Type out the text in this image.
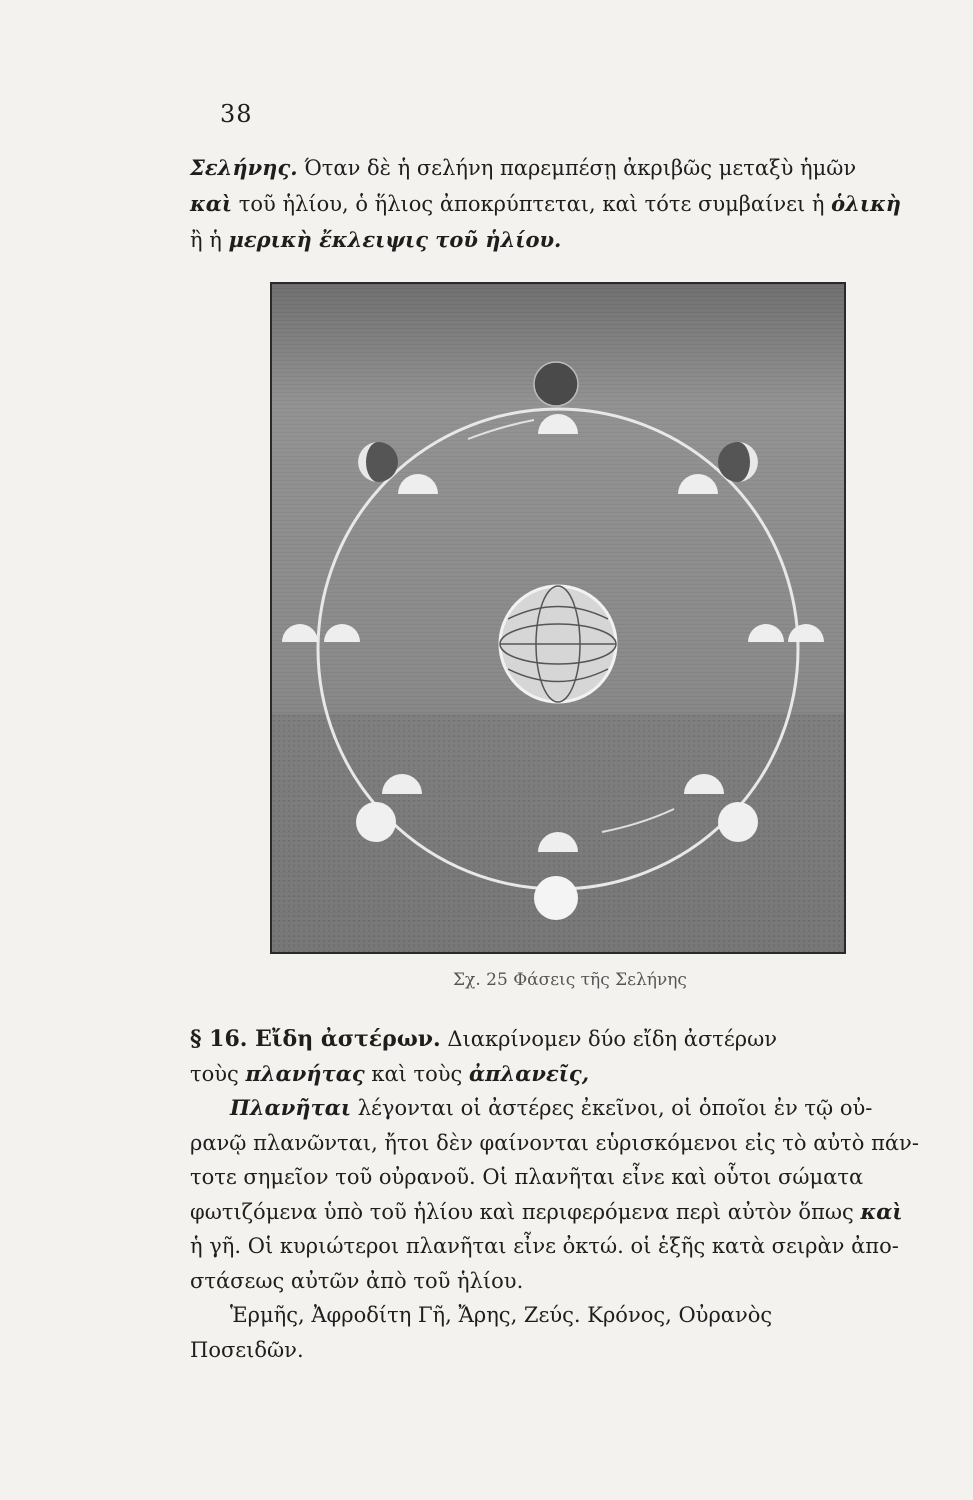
38
Σελήνης. Όταν δὲ ἡ σελήνη παρεμπέσῃ ἀκριβῶς μεταξὺ ἡμῶν
καὶ τοῦ ἡλίου, ὁ ἥλιος ἀποκρύπτεται, καὶ τότε συμβαίνει ἡ ὁλικὴ
ἢ ἡ μερικὴ ἔκλειψις τοῦ ἡλίου.
Σχ. 25 Φάσεις τῆς Σελήνης
§ 16. Εἴδη ἀστέρων. Διακρίνομεν δύο εἴδη ἀστέρων
τοὺς πλανήτας καὶ τοὺς ἀπλανεῖς,
Πλανῆται λέγονται οἱ ἀστέρες ἐκεῖνοι, οἱ ὁποῖοι ἐν τῷ οὐ-
ρανῷ πλανῶνται, ἤτοι δὲν φαίνονται εὑρισκόμενοι εἰς τὸ αὐτὸ πάν-
τοτε σημεῖον τοῦ οὐρανοῦ. Οἱ πλανῆται εἶνε καὶ οὗτοι σώματα
φωτιζόμενα ὑπὸ τοῦ ἡλίου καὶ περιφερόμενα περὶ αὐτὸν ὅπως καὶ
ἡ γῆ. Οἱ κυριώτεροι πλανῆται εἶνε ὀκτώ. οἱ ἑξῆς κατὰ σειρὰν ἀπο-
στάσεως αὐτῶν ἀπὸ τοῦ ἡλίου.
Ἑρμῆς, Ἀφροδίτη Γῆ, Ἄρης, Ζεύς. Κρόνος, Οὐρανὸς
Ποσειδῶν.
